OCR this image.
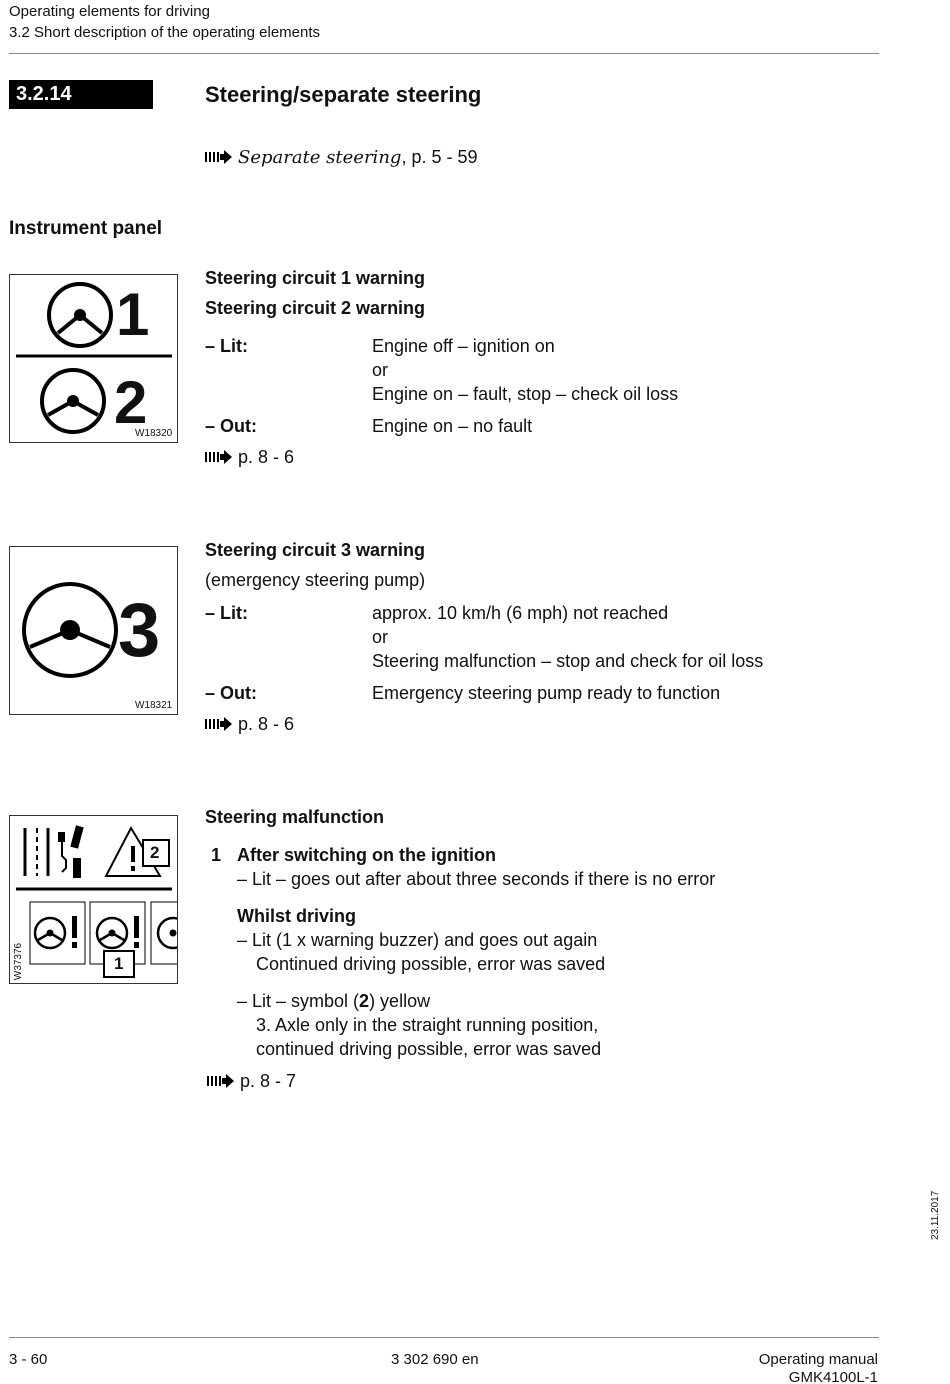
Operating elements for driving
3.2 Short description of the operating elements
3.2.14	Steering/separate steering
Separate steering, p. 5 - 59
Instrument panel
1
2
W18320
Steering circuit 1 warning
Steering circuit 2 warning
– Lit:	Engine off – ignition on
or
Engine on – fault, stop – check oil loss
– Out:	Engine on – no fault
p. 8 - 6
3
W18321
Steering circuit 3 warning
(emergency steering pump)
– Lit:	approx. 10 km/h (6 mph) not reached
or
Steering malfunction – stop and check for oil loss
– Out:	Emergency steering pump ready to function
p. 8 - 6
2
1
W37376
Steering malfunction
1 After switching on the ignition
– Lit – goes out after about three seconds if there is no error
Whilst driving
– Lit (1 x warning buzzer) and goes out again
Continued driving possible, error was saved
– Lit – symbol (2) yellow
3. Axle only in the straight running position,
continued driving possible, error was saved
p. 8 - 7
23.11.2017
3 - 60	3 302 690 en	Operating manual
GMK4100L-1
